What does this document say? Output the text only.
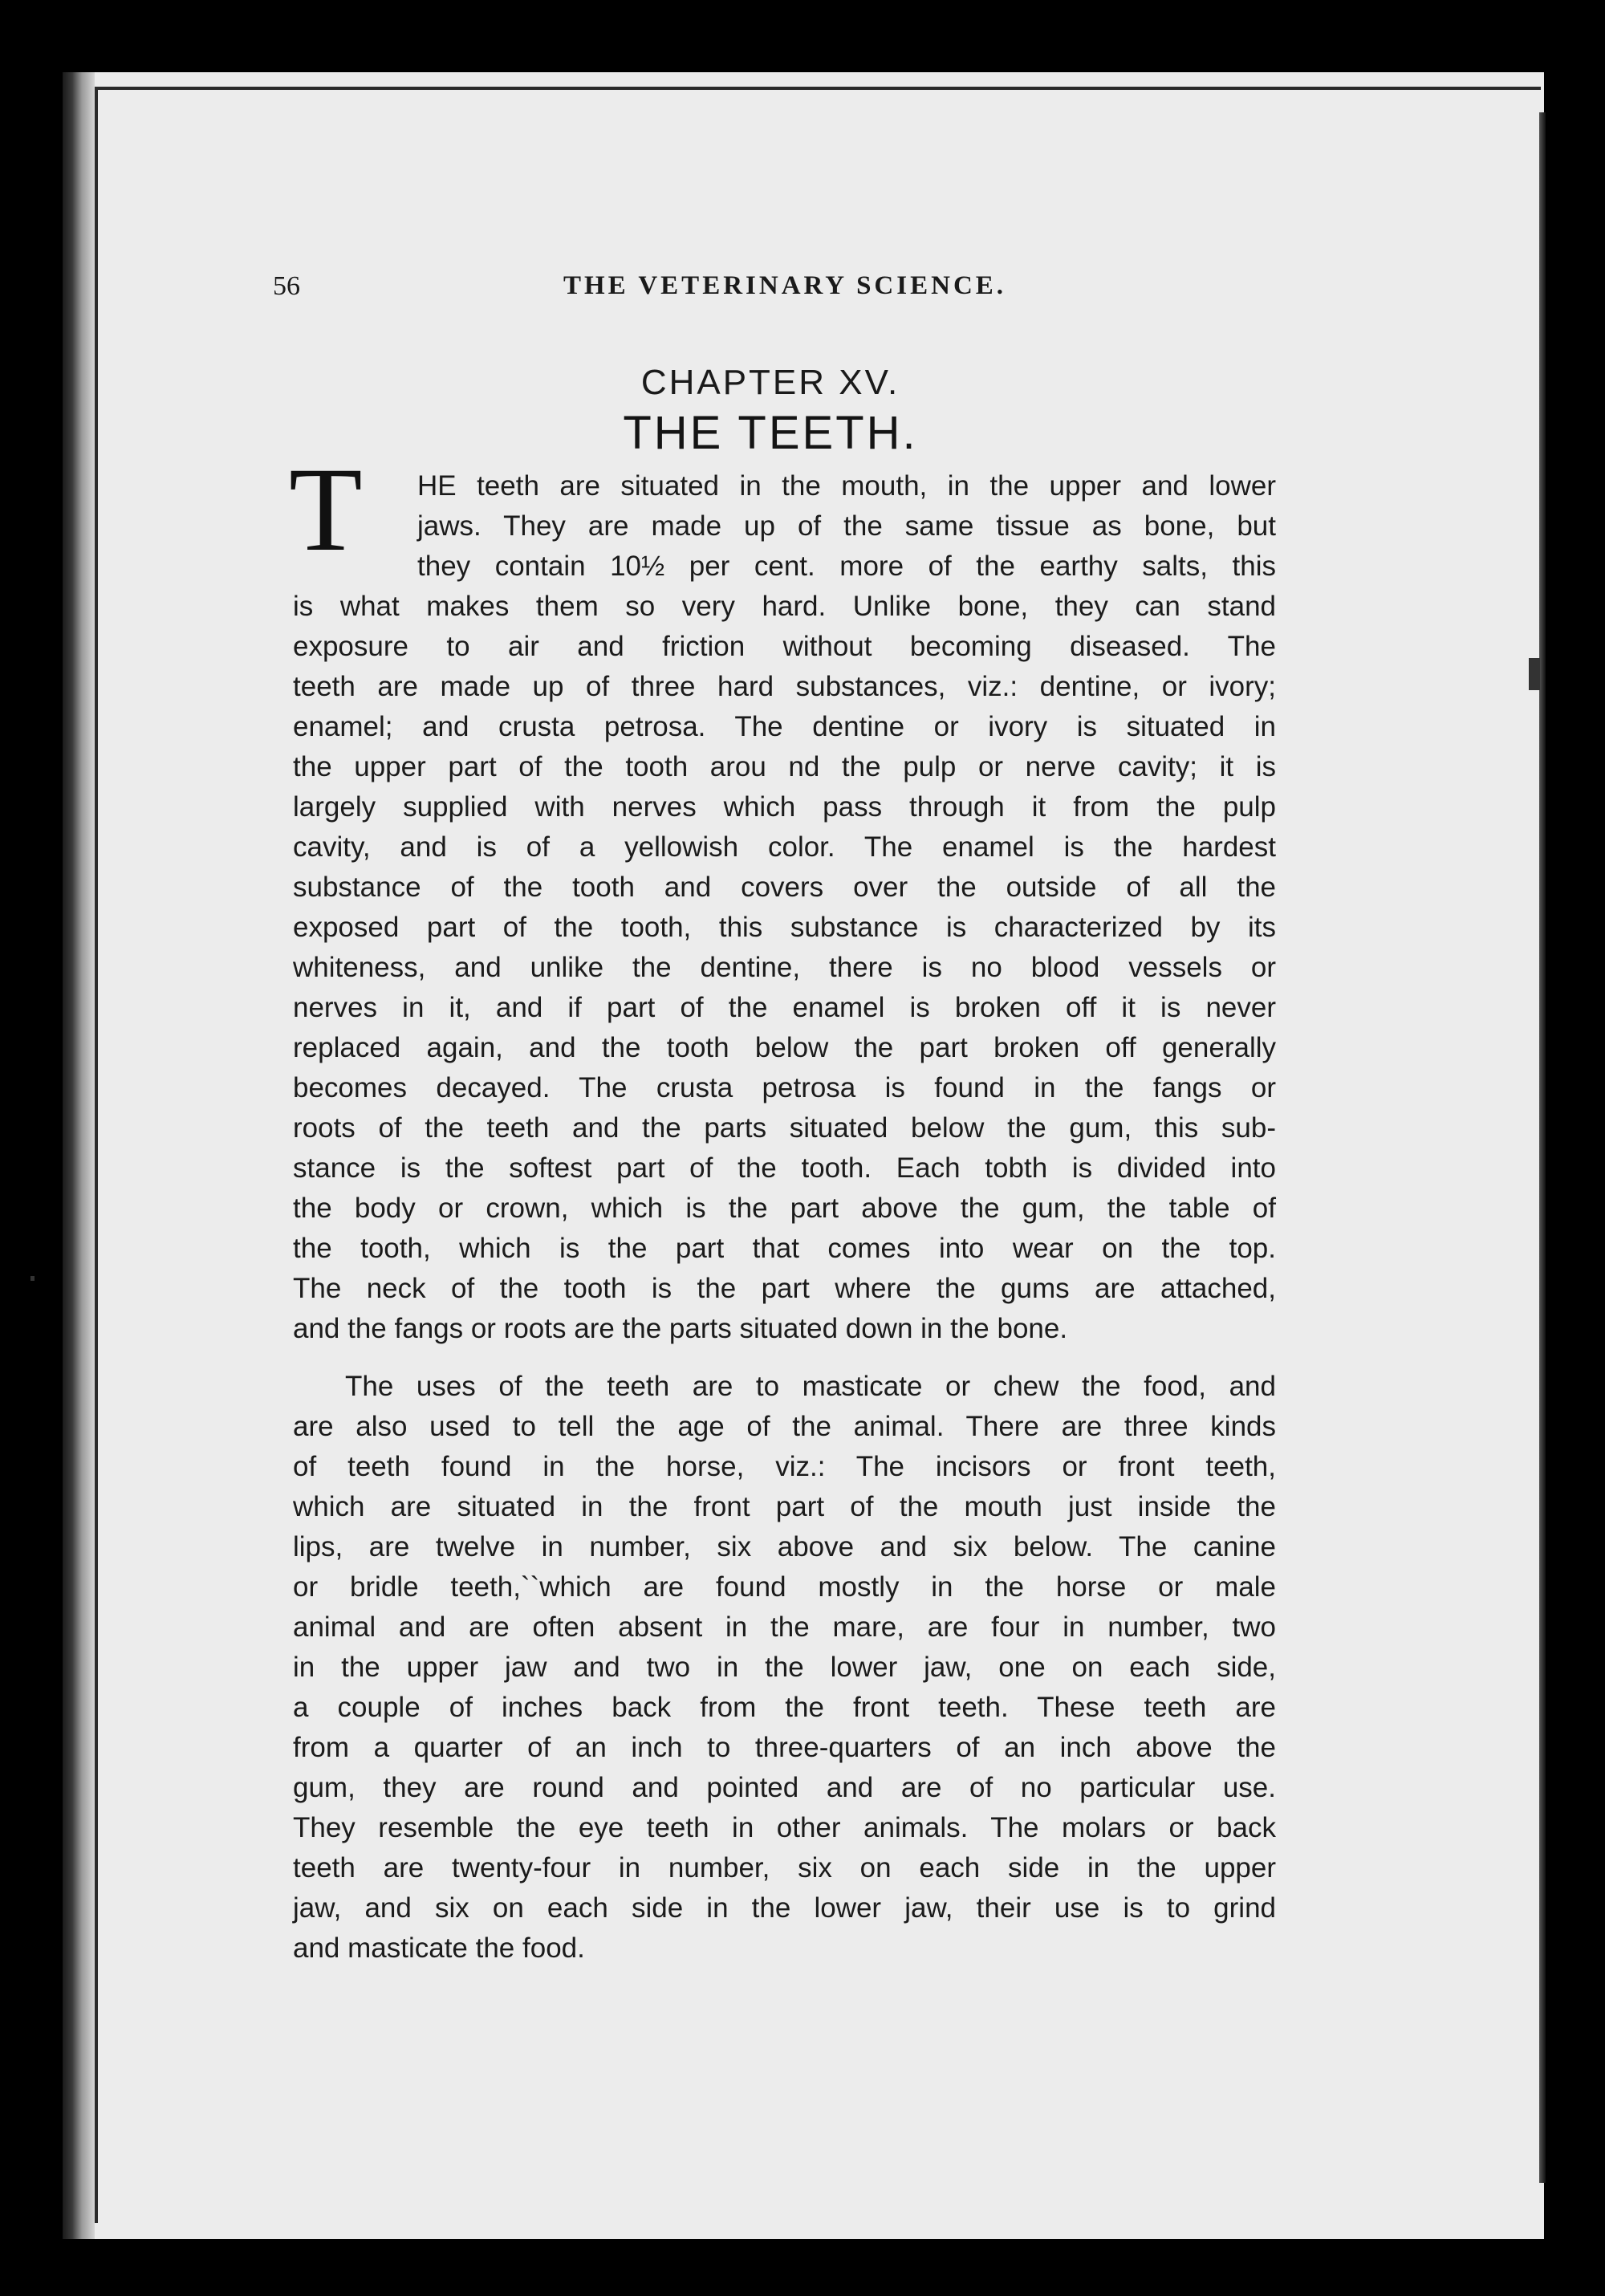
56	THE VETERINARY SCIENCE.
CHAPTER XV.
THE TEETH.
T HE teeth are situated in the mouth, in the upper and lower
jaws. They are made up of the same tissue as bone, but
they contain 10½ per cent. more of the earthy salts, this
is what makes them so very hard. Unlike bone, they can stand
exposure to air and friction without becoming diseased. The
teeth are made up of three hard substances, viz.: dentine, or ivory;
enamel; and crusta petrosa. The dentine or ivory is situated in
the upper part of the tooth arou nd the pulp or nerve cavity; it is
largely supplied with nerves which pass through it from the pulp
cavity, and is of a yellowish color. The enamel is the hardest
substance of the tooth and covers over the outside of all the
exposed part of the tooth, this substance is characterized by its
whiteness, and unlike the dentine, there is no blood vessels or
nerves in it, and if part of the enamel is broken off it is never
replaced again, and the tooth below the part broken off generally
becomes decayed. The crusta petrosa is found in the fangs or
roots of the teeth and the parts situated below the gum, this sub-
stance is the softest part of the tooth. Each tobth is divided into
the body or crown, which is the part above the gum, the table of
the tooth, which is the part that comes into wear on the top.
The neck of the tooth is the part where the gums are attached,
and the fangs or roots are the parts situated down in the bone.
The uses of the teeth are to masticate or chew the food, and
are also used to tell the age of the animal. There are three kinds
of teeth found in the horse, viz.: The incisors or front teeth,
which are situated in the front part of the mouth just inside the
lips, are twelve in number, six above and six below. The canine
or bridle teeth,``which are found mostly in the horse or male
animal and are often absent in the mare, are four in number, two
in the upper jaw and two in the lower jaw, one on each side,
a couple of inches back from the front teeth. These teeth are
from a quarter of an inch to three-quarters of an inch above the
gum, they are round and pointed and are of no particular use.
They resemble the eye teeth in other animals. The molars or back
teeth are twenty-four in number, six on each side in the upper
jaw, and six on each side in the lower jaw, their use is to grind
and masticate the food.
